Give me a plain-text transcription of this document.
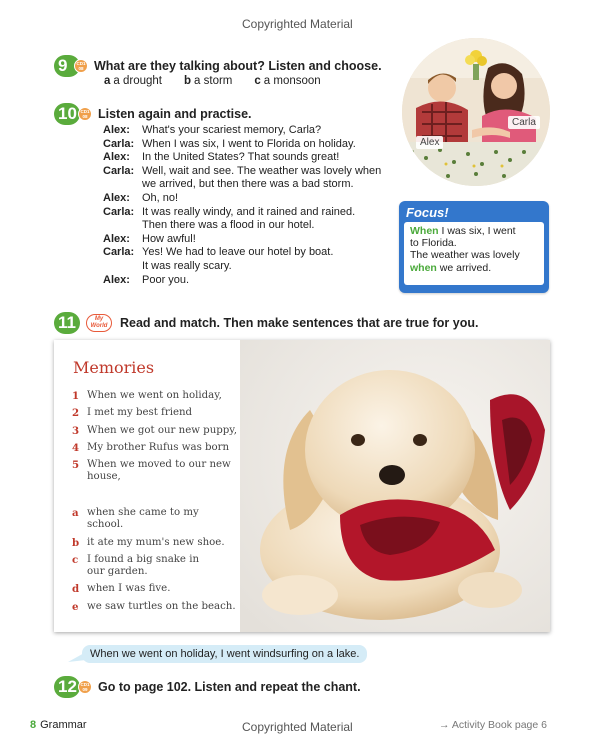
Copyrighted Material
9	CD1
08 What are they talking about? Listen and choose.
a a drought b a storm c a monsoon
10 CD1
08 Listen again and practise.
Alex:	What's your scariest memory, Carla?
Carla: When I was six, I went to Florida on holiday.
Alex:	In the United States? That sounds great!
Carla: Well, wait and see. The weather was lovely when
we arrived, but then there was a bad storm.
Alex:	Oh, no!
Carla: It was really windy, and it rained and rained.
Then there was a flood in our hotel.
Alex:	How awful!
Carla: Yes! We had to leave our hotel by boat.
It was really scary.
Alex:	Poor you.
Carla
Alex
Focus!
When I was six, I went
to Florida.
The weather was lovely
when we arrived.
11	My
World Read and match. Then make sentences that are true for you.
Memories
1 When we went on holiday,
2 I met my best friend
3 When we got our new puppy,
4 My brother Rufus was born
5 When we moved to our new
house,
a when she came to my
school.
b it ate my mum's new shoe.
c I found a big snake in
our garden.
d when I was five.
e we saw turtles on the beach.
When we went on holiday, I went windsurfing on a lake.
12 CD1
09 Go to page 102. Listen and repeat the chant.
8 Grammar	Copyrighted Material	→ Activity Book page 6
